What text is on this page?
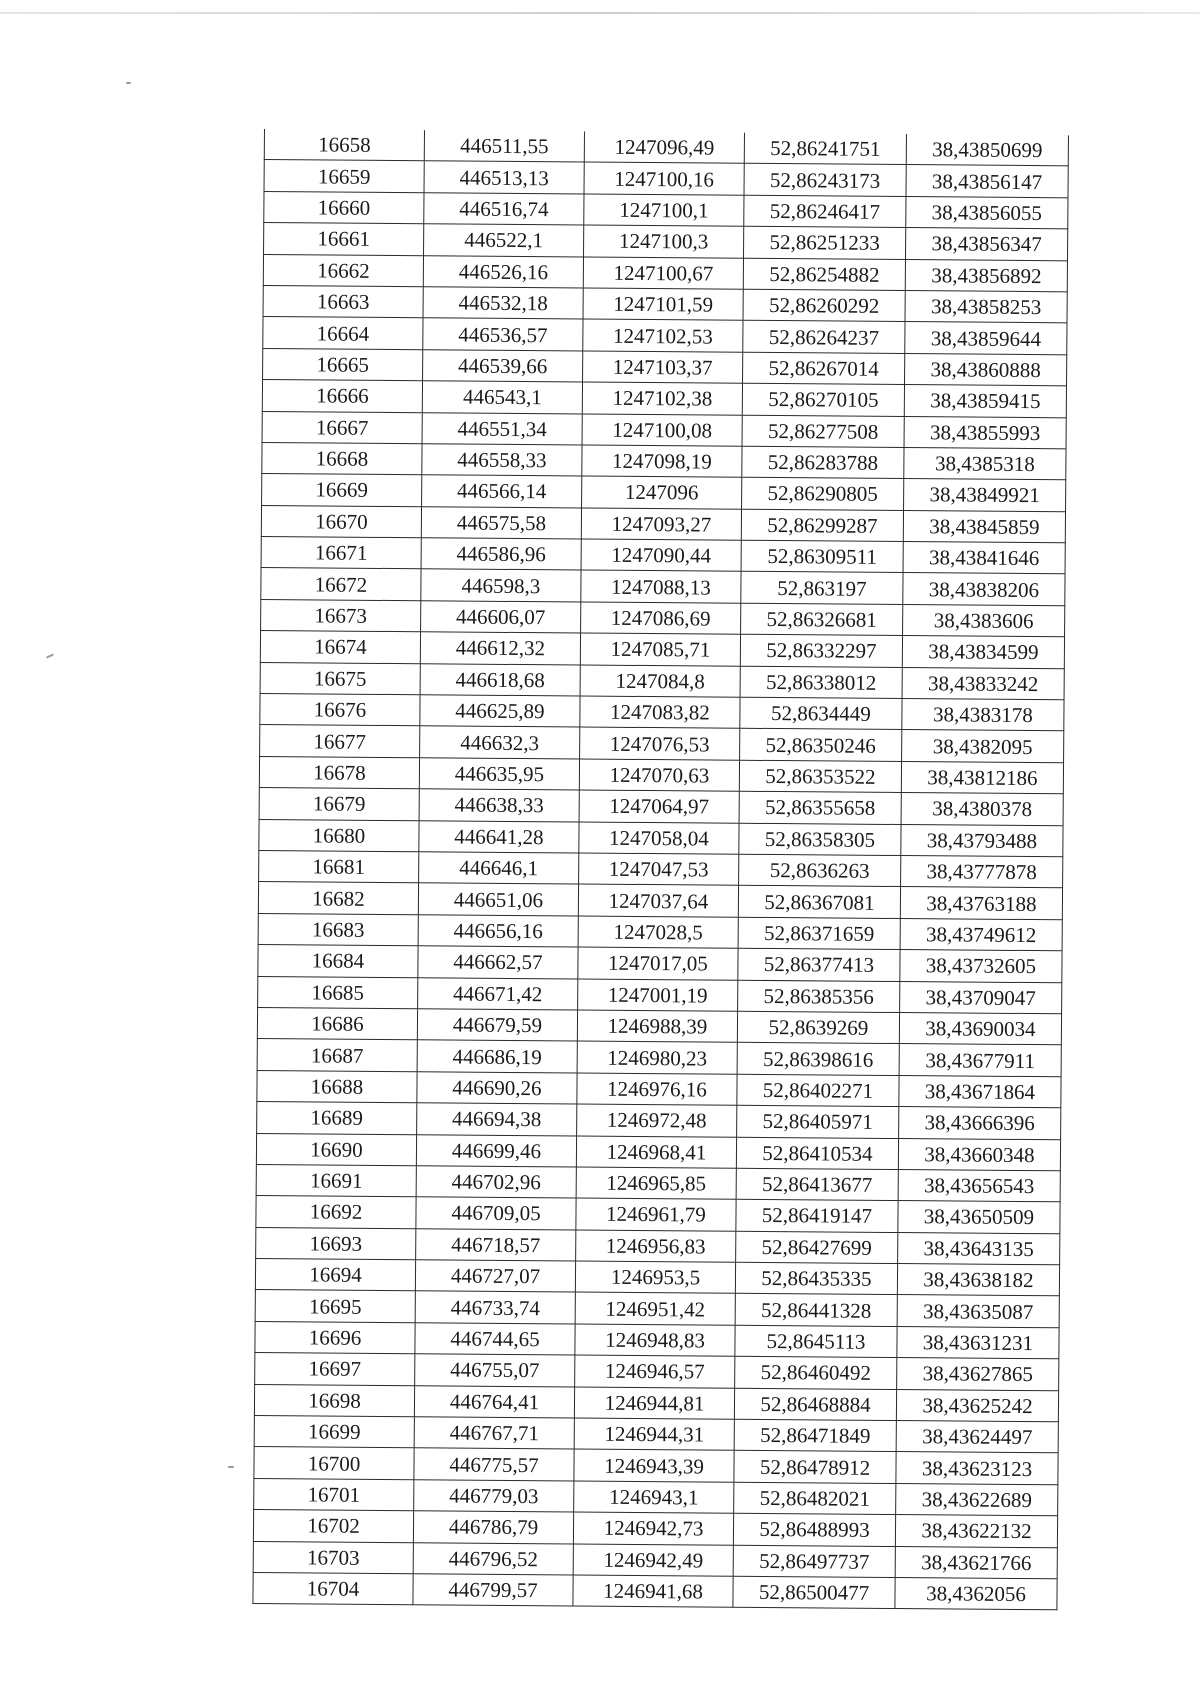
16658	446511,55	1247096,49	52,86241751	38,43850699
16659	446513,13	1247100,16	52,86243173	38,43856147
16660	446516,74	1247100,1	52,86246417	38,43856055
16661	446522,1	1247100,3	52,86251233	38,43856347
16662	446526,16	1247100,67	52,86254882	38,43856892
16663	446532,18	1247101,59	52,86260292	38,43858253
16664	446536,57	1247102,53	52,86264237	38,43859644
16665	446539,66	1247103,37	52,86267014	38,43860888
16666	446543,1	1247102,38	52,86270105	38,43859415
16667	446551,34	1247100,08	52,86277508	38,43855993
16668	446558,33	1247098,19	52,86283788	38,4385318
16669	446566,14	1247096	52,86290805	38,43849921
16670	446575,58	1247093,27	52,86299287	38,43845859
16671	446586,96	1247090,44	52,86309511	38,43841646
16672	446598,3	1247088,13	52,863197	38,43838206
16673	446606,07	1247086,69	52,86326681	38,4383606
16674	446612,32	1247085,71	52,86332297	38,43834599
16675	446618,68	1247084,8	52,86338012	38,43833242
16676	446625,89	1247083,82	52,8634449	38,4383178
16677	446632,3	1247076,53	52,86350246	38,4382095
16678	446635,95	1247070,63	52,86353522	38,43812186
16679	446638,33	1247064,97	52,86355658	38,4380378
16680	446641,28	1247058,04	52,86358305	38,43793488
16681	446646,1	1247047,53	52,8636263	38,43777878
16682	446651,06	1247037,64	52,86367081	38,43763188
16683	446656,16	1247028,5	52,86371659	38,43749612
16684	446662,57	1247017,05	52,86377413	38,43732605
16685	446671,42	1247001,19	52,86385356	38,43709047
16686	446679,59	1246988,39	52,8639269	38,43690034
16687	446686,19	1246980,23	52,86398616	38,43677911
16688	446690,26	1246976,16	52,86402271	38,43671864
16689	446694,38	1246972,48	52,86405971	38,43666396
16690	446699,46	1246968,41	52,86410534	38,43660348
16691	446702,96	1246965,85	52,86413677	38,43656543
16692	446709,05	1246961,79	52,86419147	38,43650509
16693	446718,57	1246956,83	52,86427699	38,43643135
16694	446727,07	1246953,5	52,86435335	38,43638182
16695	446733,74	1246951,42	52,86441328	38,43635087
16696	446744,65	1246948,83	52,8645113	38,43631231
16697	446755,07	1246946,57	52,86460492	38,43627865
16698	446764,41	1246944,81	52,86468884	38,43625242
16699	446767,71	1246944,31	52,86471849	38,43624497
16700	446775,57	1246943,39	52,86478912	38,43623123
16701	446779,03	1246943,1	52,86482021	38,43622689
16702	446786,79	1246942,73	52,86488993	38,43622132
16703	446796,52	1246942,49	52,86497737	38,43621766
16704	446799,57	1246941,68	52,86500477	38,4362056
